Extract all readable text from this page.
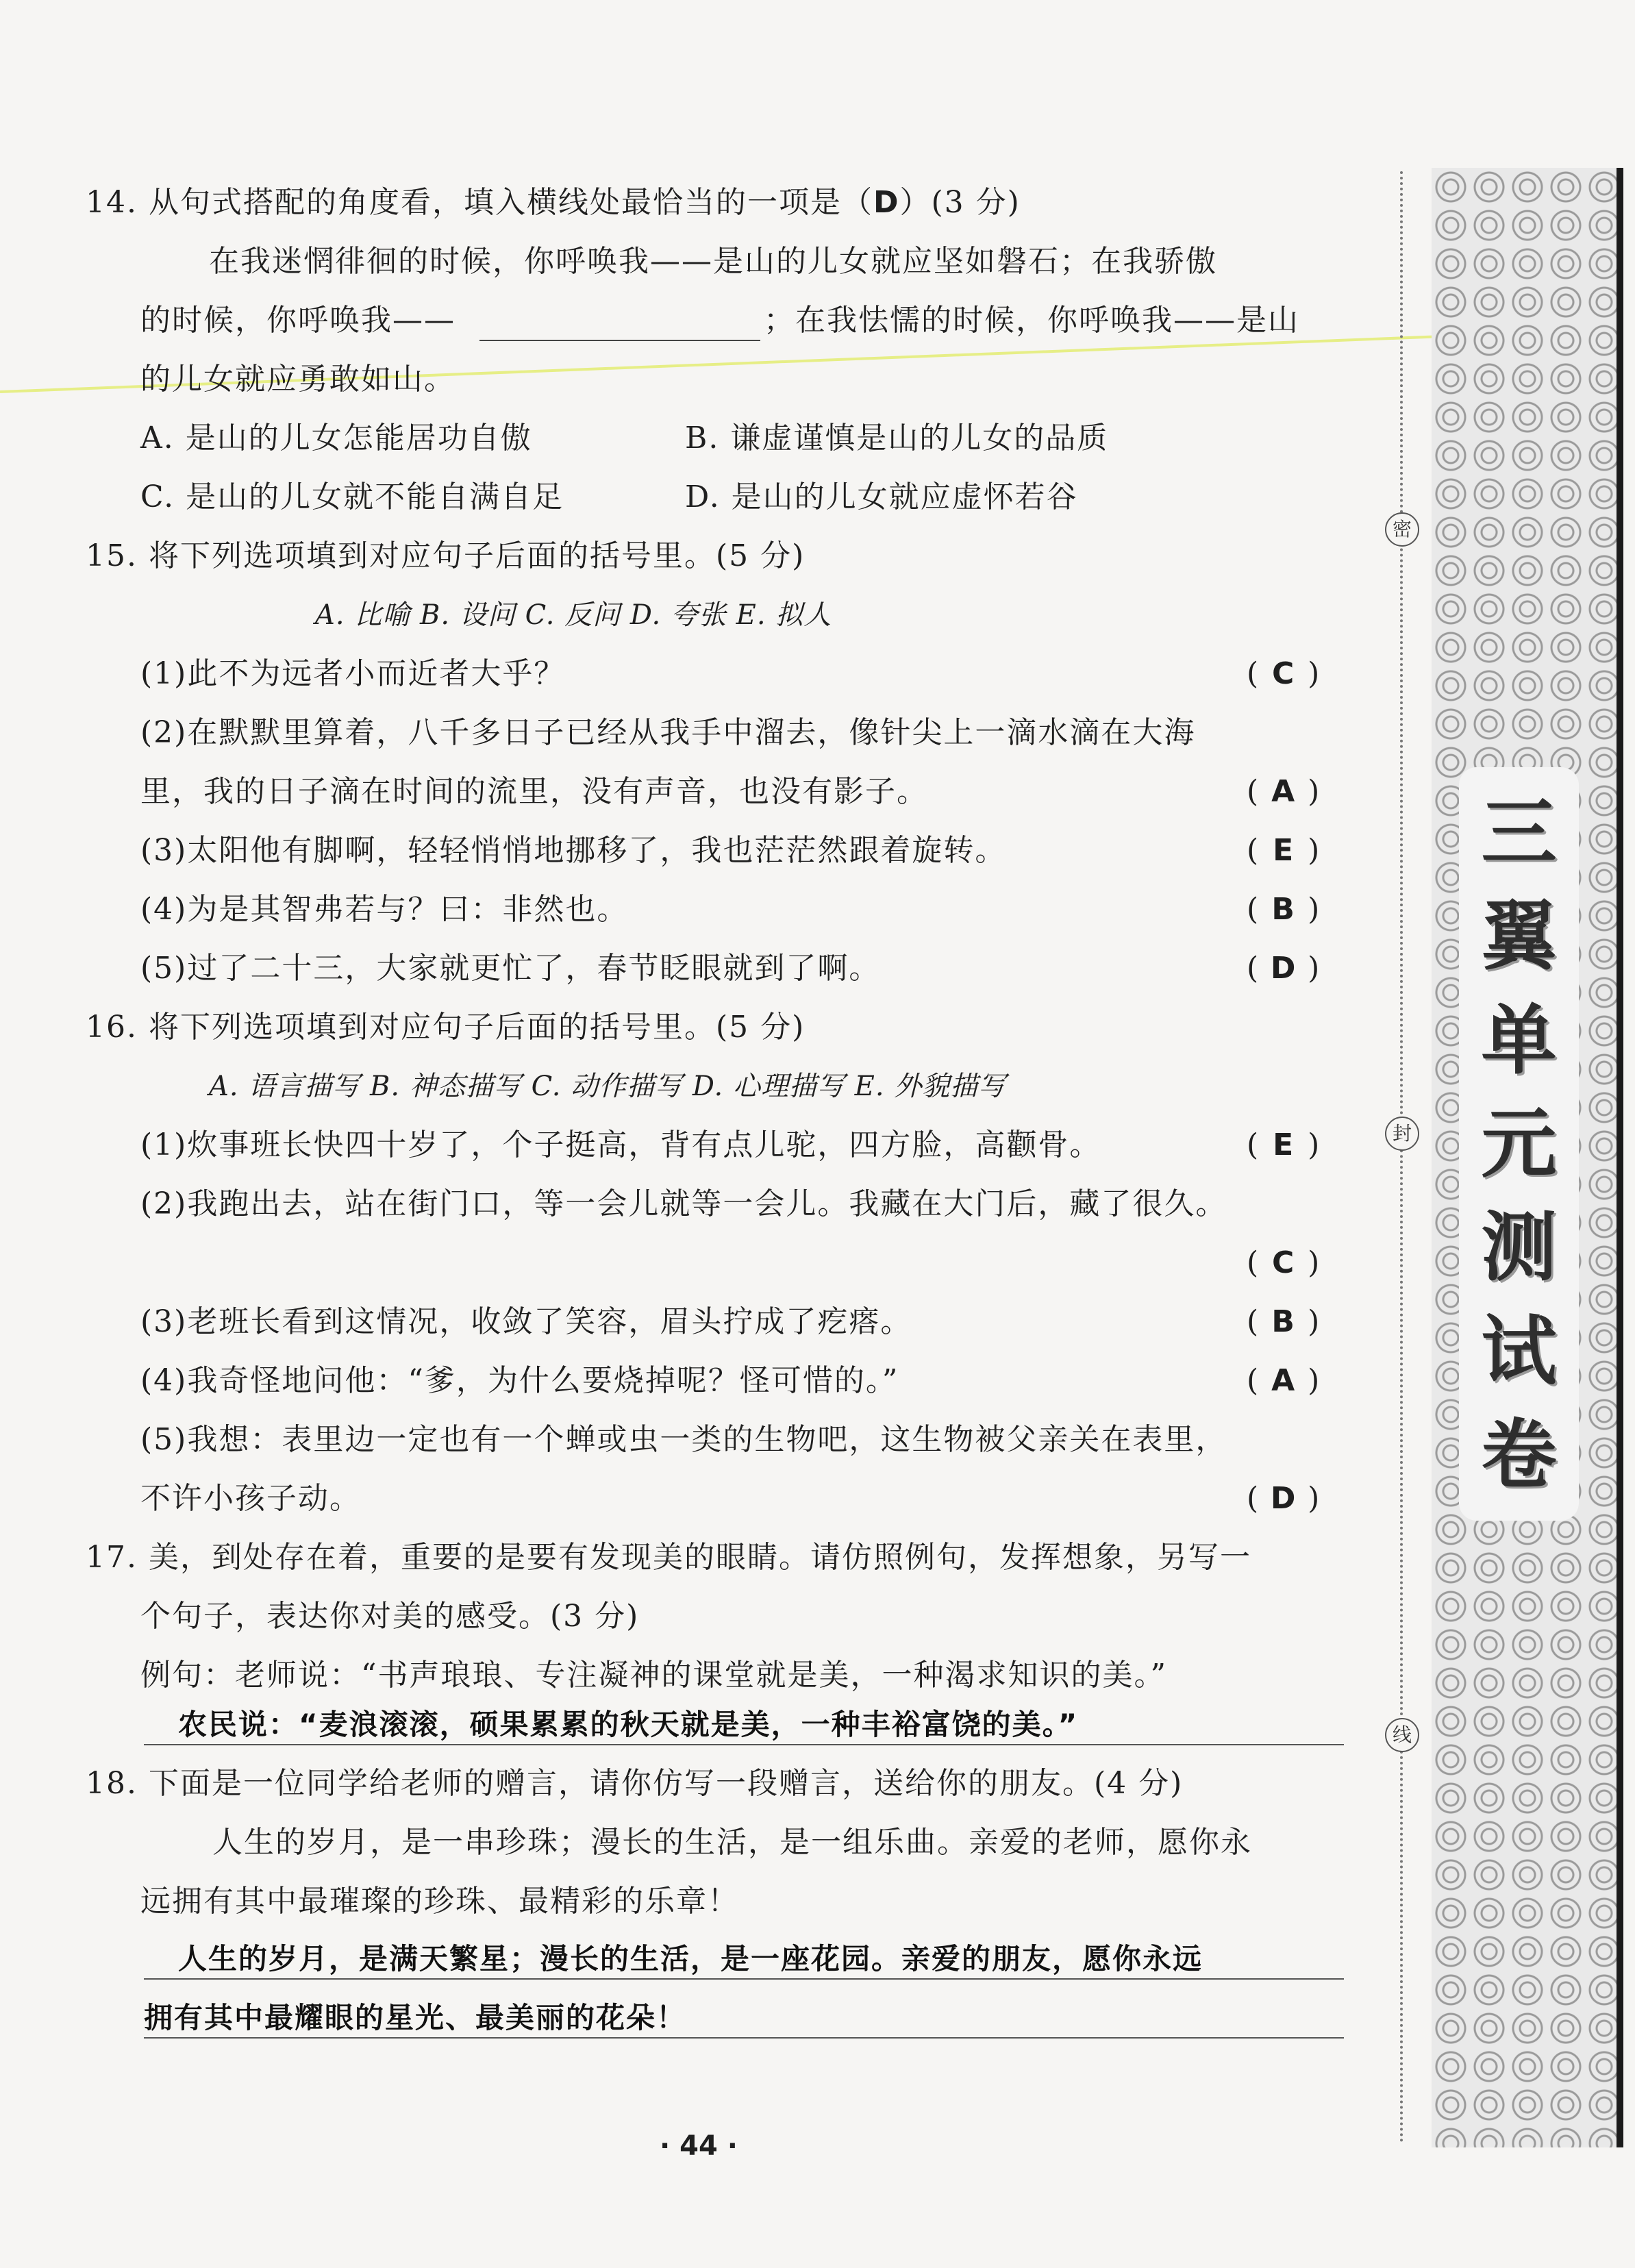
14. 从句式搭配的角度看，填入横线处最恰当的一项是（D）(3 分)
在我迷惘徘徊的时候，你呼唤我——是山的儿女就应坚如磐石；在我骄傲
的时候，你呼唤我——	；在我怯懦的时候，你呼唤我——是山
的儿女就应勇敢如山。
A. 是山的儿女怎能居功自傲	B. 谦虚谨慎是山的儿女的品质
C. 是山的儿女就不能自满自足	D. 是山的儿女就应虚怀若谷
15. 将下列选项填到对应句子后面的括号里。(5 分)
A. 比喻 B. 设问 C. 反问 D. 夸张 E. 拟人
(1)此不为远者小而近者大乎？	( C )
(2)在默默里算着，八千多日子已经从我手中溜去，像针尖上一滴水滴在大海
里，我的日子滴在时间的流里，没有声音，也没有影子。	( A )
(3)太阳他有脚啊，轻轻悄悄地挪移了，我也茫茫然跟着旋转。	( E )
(4)为是其智弗若与？曰：非然也。	( B )
(5)过了二十三，大家就更忙了，春节眨眼就到了啊。	( D )
16. 将下列选项填到对应句子后面的括号里。(5 分)
A. 语言描写 B. 神态描写 C. 动作描写 D. 心理描写 E. 外貌描写
(1)炊事班长快四十岁了，个子挺高，背有点儿驼，四方脸，高颧骨。	( E )
(2)我跑出去，站在街门口，等一会儿就等一会儿。我藏在大门后，藏了很久。
( C )
(3)老班长看到这情况，收敛了笑容，眉头拧成了疙瘩。	( B )
(4)我奇怪地问他：“爹，为什么要烧掉呢？怪可惜的。”	( A )
(5)我想：表里边一定也有一个蝉或虫一类的生物吧，这生物被父亲关在表里，
不许小孩子动。	( D )
17. 美，到处存在着，重要的是要有发现美的眼睛。请仿照例句，发挥想象，另写一
个句子，表达你对美的感受。(3 分)
例句：老师说：“书声琅琅、专注凝神的课堂就是美，一种渴求知识的美。”
农民说：“麦浪滚滚，硕果累累的秋天就是美，一种丰裕富饶的美。”
18. 下面是一位同学给老师的赠言，请你仿写一段赠言，送给你的朋友。(4 分)
人生的岁月，是一串珍珠；漫长的生活，是一组乐曲。亲爱的老师，愿你永
远拥有其中最璀璨的珍珠、最精彩的乐章！
人生的岁月，是满天繁星；漫长的生活，是一座花园。亲爱的朋友，愿你永远
拥有其中最耀眼的星光、最美丽的花朵！
密
封
线
三
翼
单
元
测
试
卷
· 44 ·
